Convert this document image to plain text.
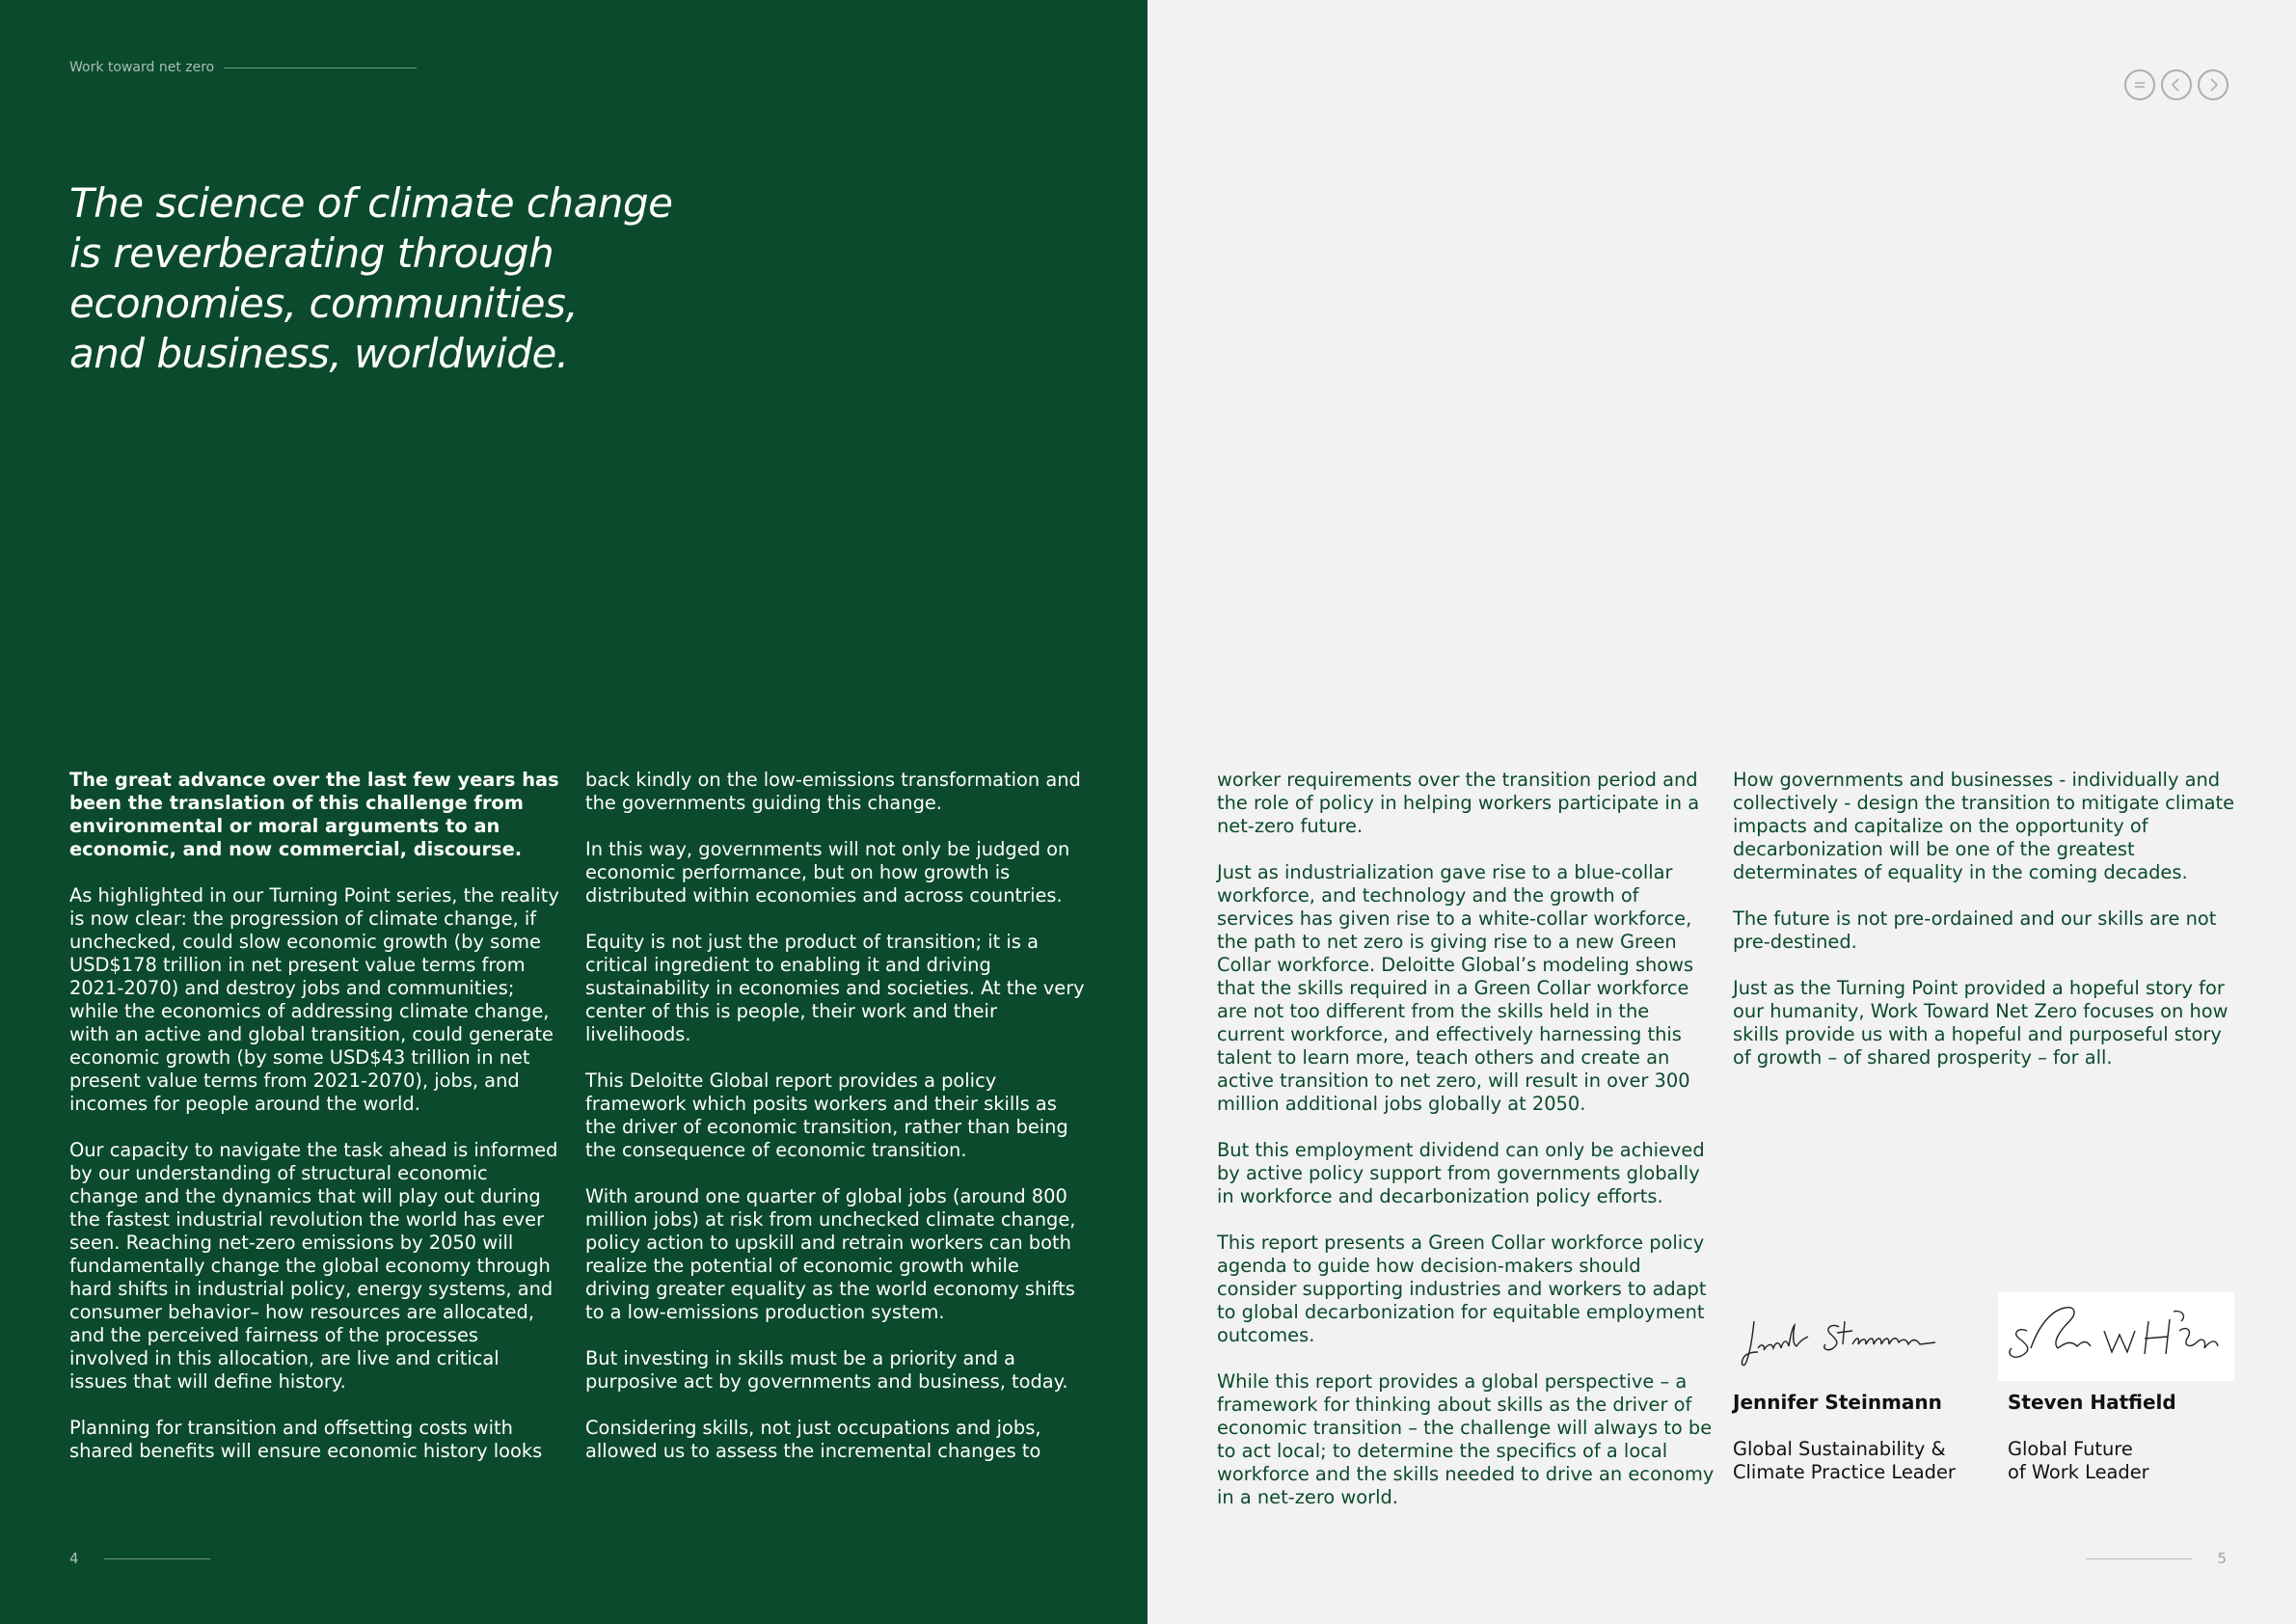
Work toward net zero
The science of climate change
is reverberating through
economies, communities,
and business, worldwide.

The great advance over the last few years has been the translation of this challenge from environmental or moral arguments to an economic, and now commercial, discourse.

As highlighted in our Turning Point series, the reality is now clear: the progression of climate change, if unchecked, could slow economic growth (by some USD$178 trillion in net present value terms from 2021-2070) and destroy jobs and communities; while the economics of addressing climate change, with an active and global transition, could generate economic growth (by some USD$43 trillion in net present value terms from 2021-2070), jobs, and incomes for people around the world.

Our capacity to navigate the task ahead is informed by our understanding of structural economic change and the dynamics that will play out during the fastest industrial revolution the world has ever seen. Reaching net-zero emissions by 2050 will fundamentally change the global economy through hard shifts in industrial policy, energy systems, and consumer behavior– how resources are allocated, and the perceived fairness of the processes involved in this allocation, are live and critical issues that will define history.

Planning for transition and offsetting costs with shared benefits will ensure economic history looks

back kindly on the low-emissions transformation and the governments guiding this change.

In this way, governments will not only be judged on economic performance, but on how growth is distributed within economies and across countries.

Equity is not just the product of transition; it is a critical ingredient to enabling it and driving sustainability in economies and societies. At the very center of this is people, their work and their livelihoods.

This Deloitte Global report provides a policy framework which posits workers and their skills as the driver of economic transition, rather than being the consequence of economic transition.

With around one quarter of global jobs (around 800 million jobs) at risk from unchecked climate change, policy action to upskill and retrain workers can both realize the potential of economic growth while driving greater equality as the world economy shifts to a low-emissions production system.

But investing in skills must be a priority and a purposive act by governments and business, today.

Considering skills, not just occupations and jobs, allowed us to assess the incremental changes to

4

worker requirements over the transition period and the role of policy in helping workers participate in a net-zero future.

Just as industrialization gave rise to a blue-collar workforce, and technology and the growth of services has given rise to a white-collar workforce, the path to net zero is giving rise to a new Green Collar workforce. Deloitte Global’s modeling shows that the skills required in a Green Collar workforce are not too different from the skills held in the current workforce, and effectively harnessing this talent to learn more, teach others and create an active transition to net zero, will result in over 300 million additional jobs globally at 2050.

But this employment dividend can only be achieved by active policy support from governments globally in workforce and decarbonization policy efforts.

This report presents a Green Collar workforce policy agenda to guide how decision-makers should consider supporting industries and workers to adapt to global decarbonization for equitable employment outcomes.

While this report provides a global perspective – a framework for thinking about skills as the driver of economic transition – the challenge will always to be to act local; to determine the specifics of a local workforce and the skills needed to drive an economy in a net-zero world.

How governments and businesses - individually and collectively - design the transition to mitigate climate impacts and capitalize on the opportunity of decarbonization will be one of the greatest determinates of equality in the coming decades.

The future is not pre-ordained and our skills are not pre-destined.

Just as the Turning Point provided a hopeful story for our humanity, Work Toward Net Zero focuses on how skills provide us with a hopeful and purposeful story of growth – of shared prosperity – for all.

Jennifer Steinmann	Steven Hatfield
Global Sustainability &
Climate Practice Leader
Global Future
of Work Leader
5
